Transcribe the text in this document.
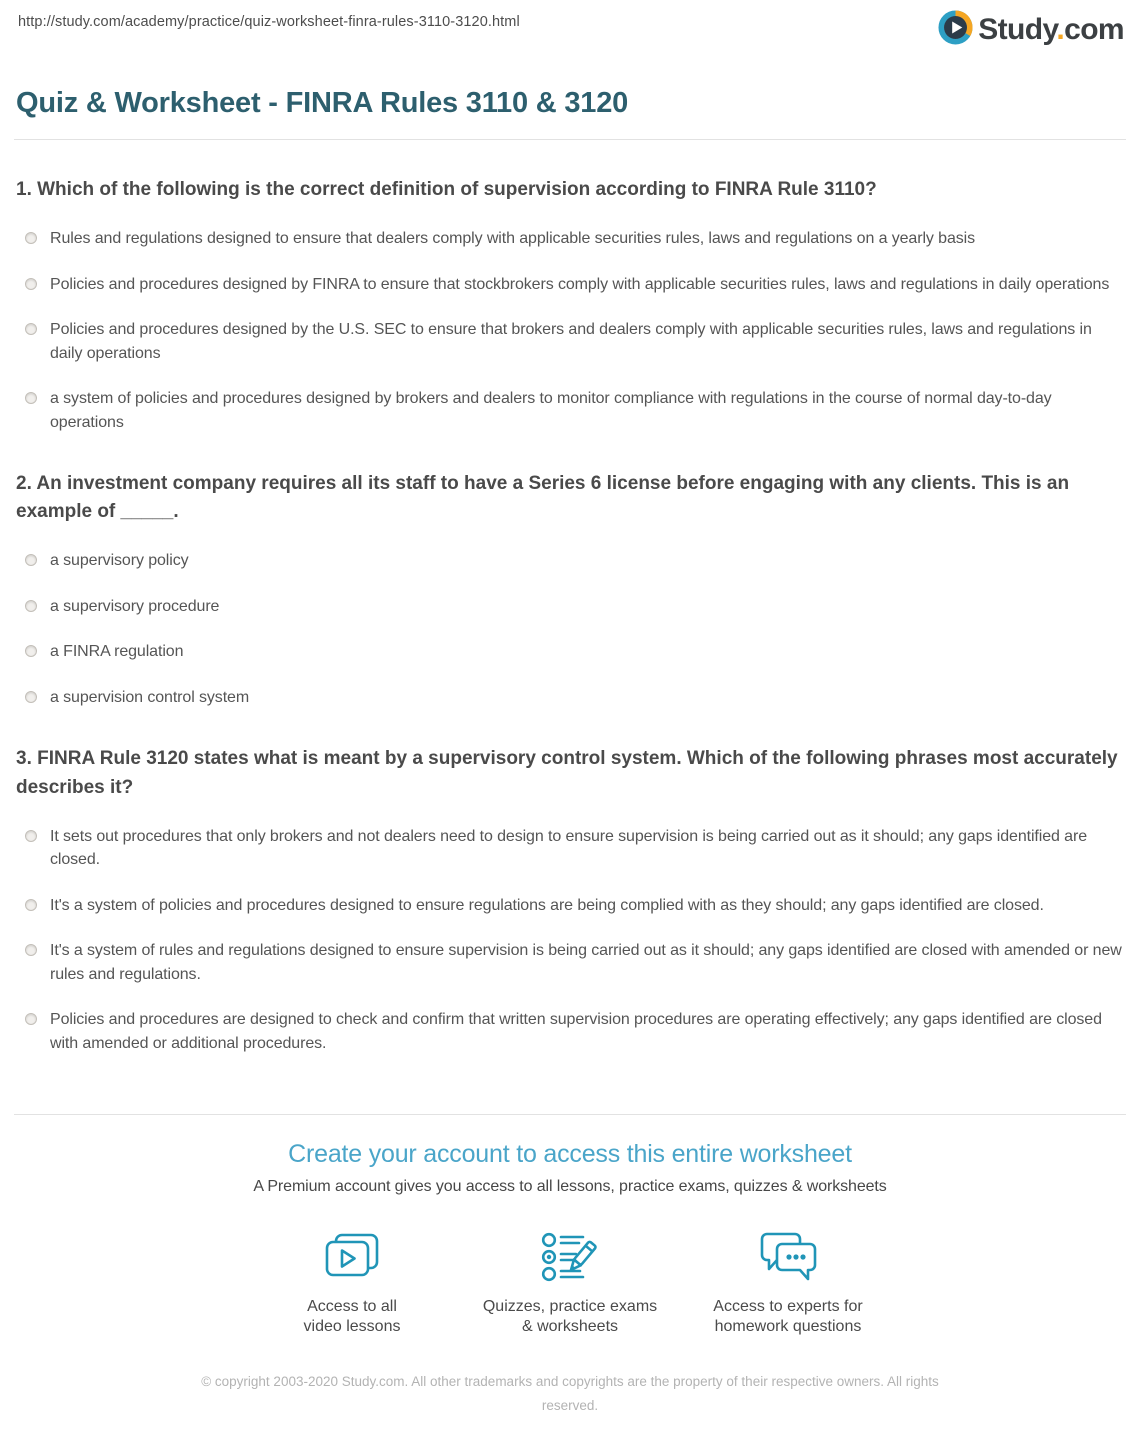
http://study.com/academy/practice/quiz-worksheet-finra-rules-3110-3120.html	Study.com
Quiz & Worksheet - FINRA Rules 3110 & 3120
1. Which of the following is the correct definition of supervision according to FINRA Rule 3110?
Rules and regulations designed to ensure that dealers comply with applicable securities rules, laws and regulations on a yearly basis
Policies and procedures designed by FINRA to ensure that stockbrokers comply with applicable securities rules, laws and regulations in daily operations
Policies and procedures designed by the U.S. SEC to ensure that brokers and dealers comply with applicable securities rules, laws and regulations in daily operations
a system of policies and procedures designed by brokers and dealers to monitor compliance with regulations in the course of normal day-to-day operations
2. An investment company requires all its staff to have a Series 6 license before engaging with any clients. This is an example of _____.
a supervisory policy
a supervisory procedure
a FINRA regulation
a supervision control system
3. FINRA Rule 3120 states what is meant by a supervisory control system. Which of the following phrases most accurately describes it?
It sets out procedures that only brokers and not dealers need to design to ensure supervision is being carried out as it should; any gaps identified are closed.
It's a system of policies and procedures designed to ensure regulations are being complied with as they should; any gaps identified are closed.
It's a system of rules and regulations designed to ensure supervision is being carried out as it should; any gaps identified are closed with amended or new rules and regulations.
Policies and procedures are designed to check and confirm that written supervision procedures are operating effectively; any gaps identified are closed with amended or additional procedures.
Create your account to access this entire worksheet
A Premium account gives you access to all lessons, practice exams, quizzes & worksheets
Access to all
video lessons
Quizzes, practice exams
& worksheets
Access to experts for
homework questions
© copyright 2003-2020 Study.com. All other trademarks and copyrights are the property of their respective owners. All rights reserved.
